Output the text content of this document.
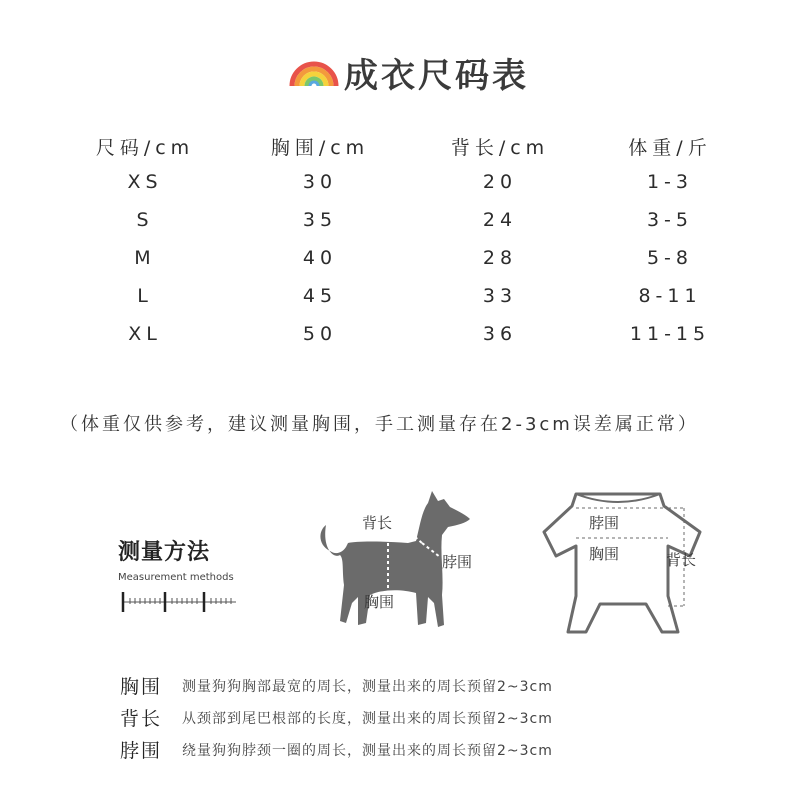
成衣尺码表
尺码/cm	胸围/cm	背长/cm	体重/斤
XS	30	20	1-3
S	35	24	3-5
M	40	28	5-8
L	45	33	8-11
XL	50	36	11-15
（体重仅供参考，建议测量胸围，手工测量存在2-3cm误差属正常）
测量方法
Measurement methods
背长
脖围
胸围
脖围
胸围	背长
胸围 测量狗狗胸部最宽的周长，测量出来的周长预留2~3cm
背长 从颈部到尾巴根部的长度，测量出来的周长预留2~3cm
脖围 绕量狗狗脖颈一圈的周长，测量出来的周长预留2~3cm
